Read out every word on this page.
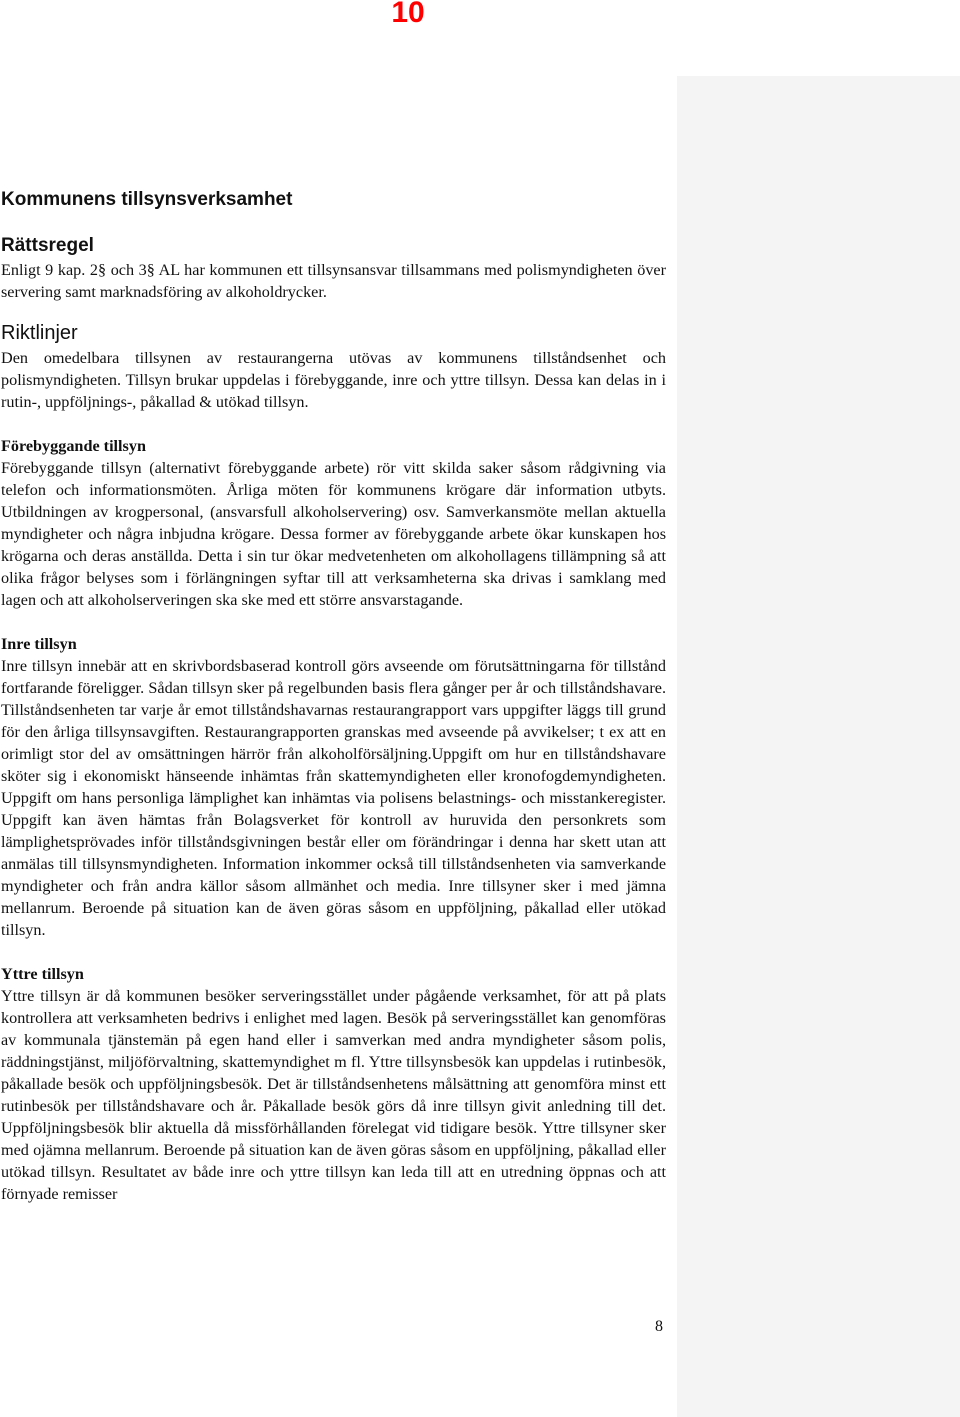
10
Kommunens tillsynsverksamhet
Rättsregel

Enligt 9 kap. 2§ och 3§ AL har kommunen ett tillsynsansvar tillsammans med polismyndigheten över servering samt marknadsföring av alkoholdrycker.

Riktlinjer

Den omedelbara tillsynen av restaurangerna utövas av kommunens tillståndsenhet och polismyndigheten. Tillsyn brukar uppdelas i förebyggande, inre och yttre tillsyn. Dessa kan delas in i rutin-, uppföljnings-, påkallad & utökad tillsyn.

Förebyggande tillsyn

Förebyggande tillsyn (alternativt förebyggande arbete) rör vitt skilda saker såsom rådgivning via telefon och informationsmöten. Årliga möten för kommunens krögare där information utbyts. Utbildningen av krogpersonal, (ansvarsfull alkoholservering) osv. Samverkansmöte mellan aktuella myndigheter och några inbjudna krögare. Dessa former av förebyggande arbete ökar kunskapen hos krögarna och deras anställda. Detta i sin tur ökar medvetenheten om alkohollagens tillämpning så att olika frågor belyses som i förlängningen syftar till att verksamheterna ska drivas i samklang med lagen och att alkoholserveringen ska ske med ett större ansvarstagande.

Inre tillsyn

Inre tillsyn innebär att en skrivbordsbaserad kontroll görs avseende om förutsättningarna för tillstånd fortfarande föreligger. Sådan tillsyn sker på regelbunden basis flera gånger per år och tillståndshavare. Tillståndsenheten tar varje år emot tillståndshavarnas restaurangrapport vars uppgifter läggs till grund för den årliga tillsynsavgiften. Restaurangrapporten granskas med avseende på avvikelser; t ex att en orimligt stor del av omsättningen härrör från alkoholförsäljning.Uppgift om hur en tillståndshavare sköter sig i ekonomiskt hänseende inhämtas från skattemyndigheten eller kronofogdemyndigheten. Uppgift om hans personliga lämplighet kan inhämtas via polisens belastnings- och misstankeregister. Uppgift kan även hämtas från Bolagsverket för kontroll av huruvida den personkrets som lämplighetsprövades inför tillståndsgivningen består eller om förändringar i denna har skett utan att anmälas till tillsynsmyndigheten. Information inkommer också till tillståndsenheten via samverkande myndigheter och från andra källor såsom allmänhet och media. Inre tillsyner sker i med jämna mellanrum. Beroende på situation kan de även göras såsom en uppföljning, påkallad eller utökad tillsyn.

Yttre tillsyn

Yttre tillsyn är då kommunen besöker serveringsstället under pågående verksamhet, för att på plats kontrollera att verksamheten bedrivs i enlighet med lagen. Besök på serveringsstället kan genomföras av kommunala tjänstemän på egen hand eller i samverkan med andra myndigheter såsom polis, räddningstjänst, miljöförvaltning, skattemyndighet m fl. Yttre tillsynsbesök kan uppdelas i rutinbesök, påkallade besök och uppföljningsbesök. Det är tillståndsenhetens målsättning att genomföra minst ett rutinbesök per tillståndshavare och år. Påkallade besök görs då inre tillsyn givit anledning till det. Uppföljningsbesök blir aktuella då missförhållanden förelegat vid tidigare besök. Yttre tillsyner sker med ojämna mellanrum. Beroende på situation kan de även göras såsom en uppföljning, påkallad eller utökad tillsyn. Resultatet av både inre och yttre tillsyn kan leda till att en utredning öppnas och att förnyade remisser

8
